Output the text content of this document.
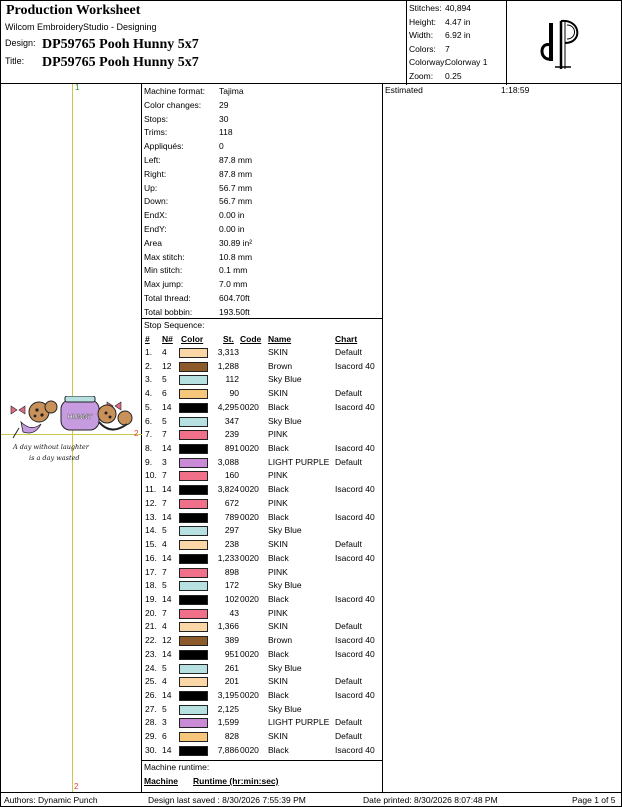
Production Worksheet
Wilcom EmbroideryStudio - Designing
Design: DP59765 Pooh Hunny 5x7
Title: DP59765 Pooh Hunny 5x7
Stitches: 40,894
Height: 4.47 in
Width: 6.92 in
Colors: 7
Colorway:
Colorway 1
Zoom: 0.25
1
2
2
HUNNY
A day without laughter
is a day wasted
Machine format: Tajima
Color changes: 29
Stops:	30
Trims:	118
Appliqués:	0
Left:	87.8 mm
Right:	87.8 mm
Up:	56.7 mm
Down:	56.7 mm
EndX:	0.00 in
EndY:	0.00 in
Area	30.89 in²
Max stitch:	10.8 mm
Min stitch:	0.1 mm
Max jump:	7.0 mm
Total thread:	604.70ft
Total bobbin:	193.50ft
Stop Sequence:
# N# Color St. Code Name	Chart
1. 4	3,313	SKIN	Default
2. 12	1,288	Brown	Isacord 40
3. 5	112	Sky Blue
4. 6	90	SKIN	Default
5. 14	4,295 0020 Black	Isacord 40
6. 5	347	Sky Blue
7. 7	239	PINK
8. 14	891 0020 Black	Isacord 40
9. 3	3,088	LIGHT PURPLE Default
10. 7	160	PINK
11. 14	3,824 0020 Black	Isacord 40
12. 7	672	PINK
13. 14	789 0020 Black	Isacord 40
14. 5	297	Sky Blue
15. 4	238	SKIN	Default
16. 14	1,233 0020 Black	Isacord 40
17. 7	898	PINK
18. 5	172	Sky Blue
19. 14	102 0020 Black	Isacord 40
20. 7	43	PINK
21. 4	1,366	SKIN	Default
22. 12	389	Brown	Isacord 40
23. 14	951 0020 Black	Isacord 40
24. 5	261	Sky Blue
25. 4	201	SKIN	Default
26. 14	3,195 0020 Black	Isacord 40
27. 5	2,125	Sky Blue
28. 3	1,599	LIGHT PURPLE Default
29. 6	828	SKIN	Default
30. 14	7,886 0020 Black	Isacord 40
Machine runtime:
Machine Runtime (hr:min:sec)
Estimated	1:18:59
Authors: Dynamic Punch	Design last saved : 8/30/2026 7:55:39 PM	Date printed: 8/30/2026 8:07:48 PM	Page 1 of 5
